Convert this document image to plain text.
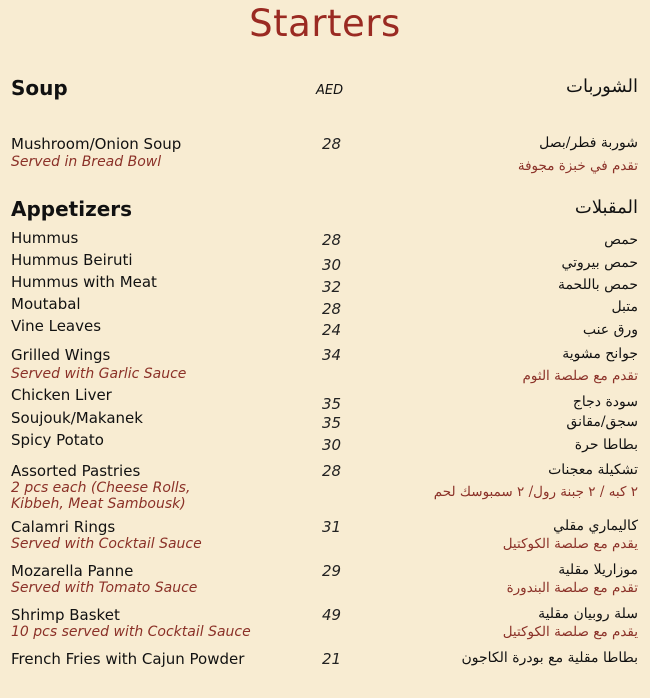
Starters
Soup	AED	الشوربات
Mushroom/Onion Soup	28	شوربة فطر/بصل
Served in Bread Bowl	تقدم في خبزة مجوفة
Appetizers	المقبلات
Hummus	28	حمص
Hummus Beiruti	30	حمص بيروتي
Hummus with Meat	32	حمص باللحمة
Moutabal	28	متبل
Vine Leaves	24	ورق عنب
Grilled Wings	34	جوانح مشوية
Served with Garlic Sauce	تقدم مع صلصة الثوم
Chicken Liver	35	سودة دجاج
Soujouk/Makanek	35	سجق/مقانق
Spicy Potato	30	بطاطا حرة
Assorted Pastries	28	تشكيلة معجنات
2 pcs each (Cheese Rolls,
Kibbeh, Meat Sambousk)
٢ كبه / ٢ جبنة رول/ ٢ سمبوسك لحم
Calamri Rings	31	كاليماري مقلي
Served with Cocktail Sauce	يقدم مع صلصة الكوكتيل
Mozarella Panne	29	موزاريلا مقلية
Served with Tomato Sauce	تقدم مع صلصة البندورة
Shrimp Basket	49	سلة روبيان مقلية
10 pcs served with Cocktail Sauce	يقدم مع صلصة الكوكتيل
French Fries with Cajun Powder	21	بطاطا مقلية مع بودرة الكاجون
